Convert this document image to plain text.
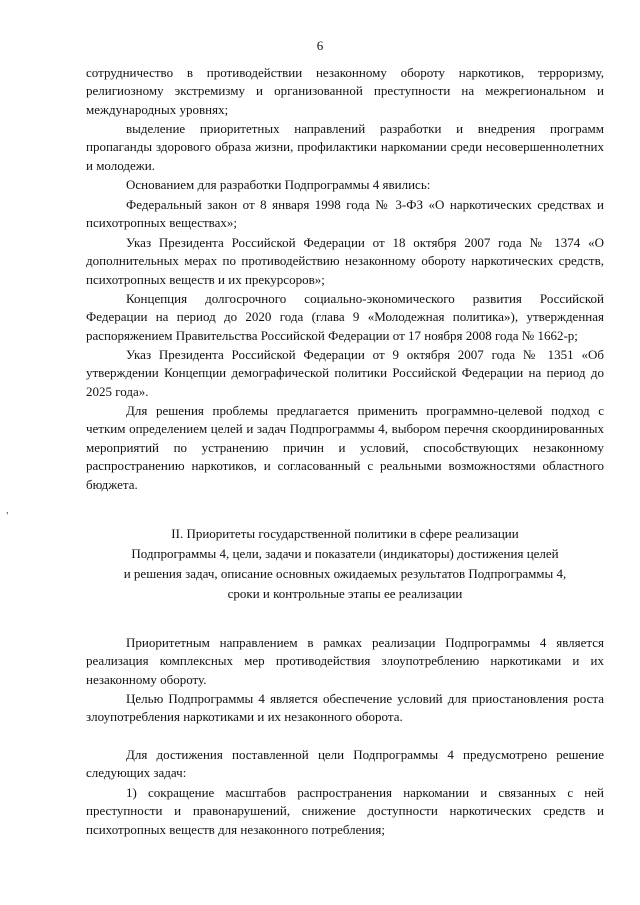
6

сотрудничество в противодействии незаконному обороту наркотиков, терроризму, религиозному экстремизму и организованной преступности на межрегиональном и международных уровнях;

выделение приоритетных направлений разработки и внедрения программ пропаганды здорового образа жизни, профилактики наркомании среди несовершеннолетних и молодежи.

Основанием для разработки Подпрограммы 4 явились:

Федеральный закон от 8 января 1998 года № 3-ФЗ «О наркотических средствах и психотропных веществах»;

Указ Президента Российской Федерации от 18 октября 2007 года № 1374 «О дополнительных мерах по противодействию незаконному обороту наркотических средств, психотропных веществ и их прекурсоров»;

Концепция долгосрочного социально-экономического развития Российской Федерации на период до 2020 года (глава 9 «Молодежная политика»), утвержденная распоряжением Правительства Российской Федерации от 17 ноября 2008 года № 1662-р;

Указ Президента Российской Федерации от 9 октября 2007 года № 1351 «Об утверждении Концепции демографической политики Российской Федерации на период до 2025 года».

Для решения проблемы предлагается применить программно-целевой подход с четким определением целей и задач Подпрограммы 4, выбором перечня скоординированных мероприятий по устранению причин и условий, способствующих незаконному распространению наркотиков, и согласованный с реальными возможностями областного бюджета.

,
II. Приоритеты государственной политики в сфере реализации
Подпрограммы 4, цели, задачи и показатели (индикаторы) достижения целей
и решения задач, описание основных ожидаемых результатов Подпрограммы 4,
сроки и контрольные этапы ее реализации

Приоритетным направлением в рамках реализации Подпрограммы 4 является реализация комплексных мер противодействия злоупотреблению наркотиками и их незаконному обороту.

Целью Подпрограммы 4 является обеспечение условий для приостановления роста злоупотребления наркотиками и их незаконного оборота.

Для достижения поставленной цели Подпрограммы 4 предусмотрено решение следующих задач:

1) сокращение масштабов распространения наркомании и связанных с ней преступности и правонарушений, снижение доступности наркотических средств и психотропных веществ для незаконного потребления;
